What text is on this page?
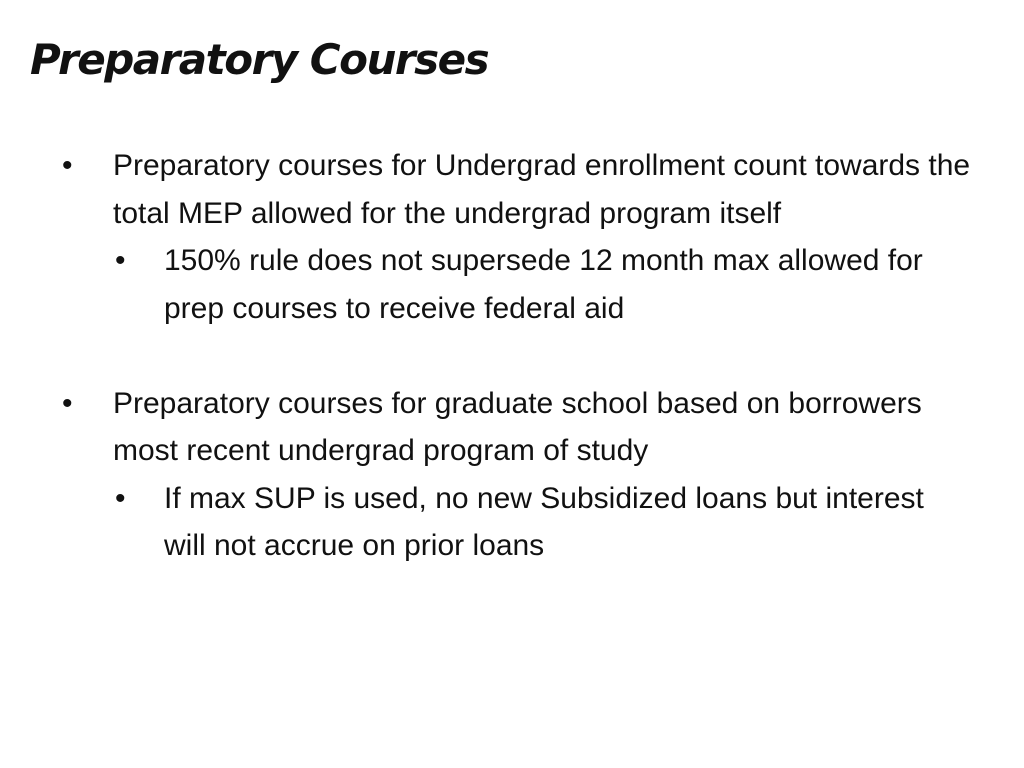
Preparatory Courses
• Preparatory courses for Undergrad enrollment count towards the total MEP allowed for the undergrad program itself
• 150% rule does not supersede 12 month max allowed for prep courses to receive federal aid
• Preparatory courses for graduate school based on borrowers most recent undergrad program of study
• If max SUP is used, no new Subsidized loans but interest will not accrue on prior loans
